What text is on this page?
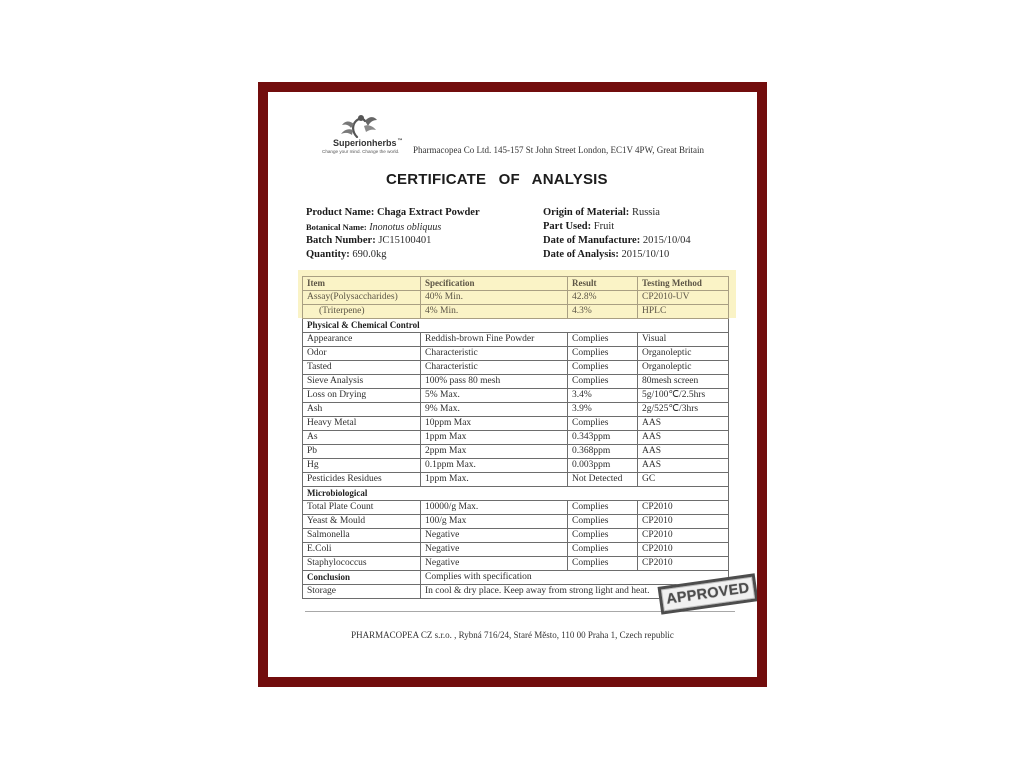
Superionherbs™
Change your mind. Change the world. Pharmacopea Co Ltd. 145-157 St John Street London, EC1V 4PW, Great Britain
CERTIFICATE OF ANALYSIS
Product Name: Chaga Extract Powder
Botanical Name: Inonotus obliquus
Batch Number: JC15100401
Quantity: 690.0kg
Origin of Material: Russia
Part Used: Fruit
Date of Manufacture: 2015/10/04
Date of Analysis: 2015/10/10
Item	Specification	Result	Testing Method
Assay(Polysaccharides)	40% Min.	42.8%	CP2010-UV
(Triterpene)	4% Min.	4.3%	HPLC
Physical & Chemical Control			
Appearance	Reddish-brown Fine Powder	Complies	Visual
Odor	Characteristic	Complies	Organoleptic
Tasted	Characteristic	Complies	Organoleptic
Sieve Analysis	100% pass 80 mesh	Complies	80mesh screen
Loss on Drying	5% Max.	3.4%	5g/100℃/2.5hrs
Ash	9% Max.	3.9%	2g/525℃/3hrs
Heavy Metal	10ppm Max	Complies	AAS
As	1ppm Max	0.343ppm	AAS
Pb	2ppm Max	0.368ppm	AAS
Hg	0.1ppm Max.	0.003ppm	AAS
Pesticides Residues	1ppm Max.	Not Detected	GC
Microbiological			
Total Plate Count	10000/g Max.	Complies	CP2010
Yeast & Mould	100/g Max	Complies	CP2010
Salmonella	Negative	Complies	CP2010
E.Coli	Negative	Complies	CP2010
Staphylococcus	Negative	Complies	CP2010
Conclusion	Complies with specification		
Storage	In cool & dry place. Keep away from strong light and heat.			APPROVED
PHARMACOPEA CZ s.r.o. , Rybná 716/24, Staré Město, 110 00 Praha 1, Czech republic
